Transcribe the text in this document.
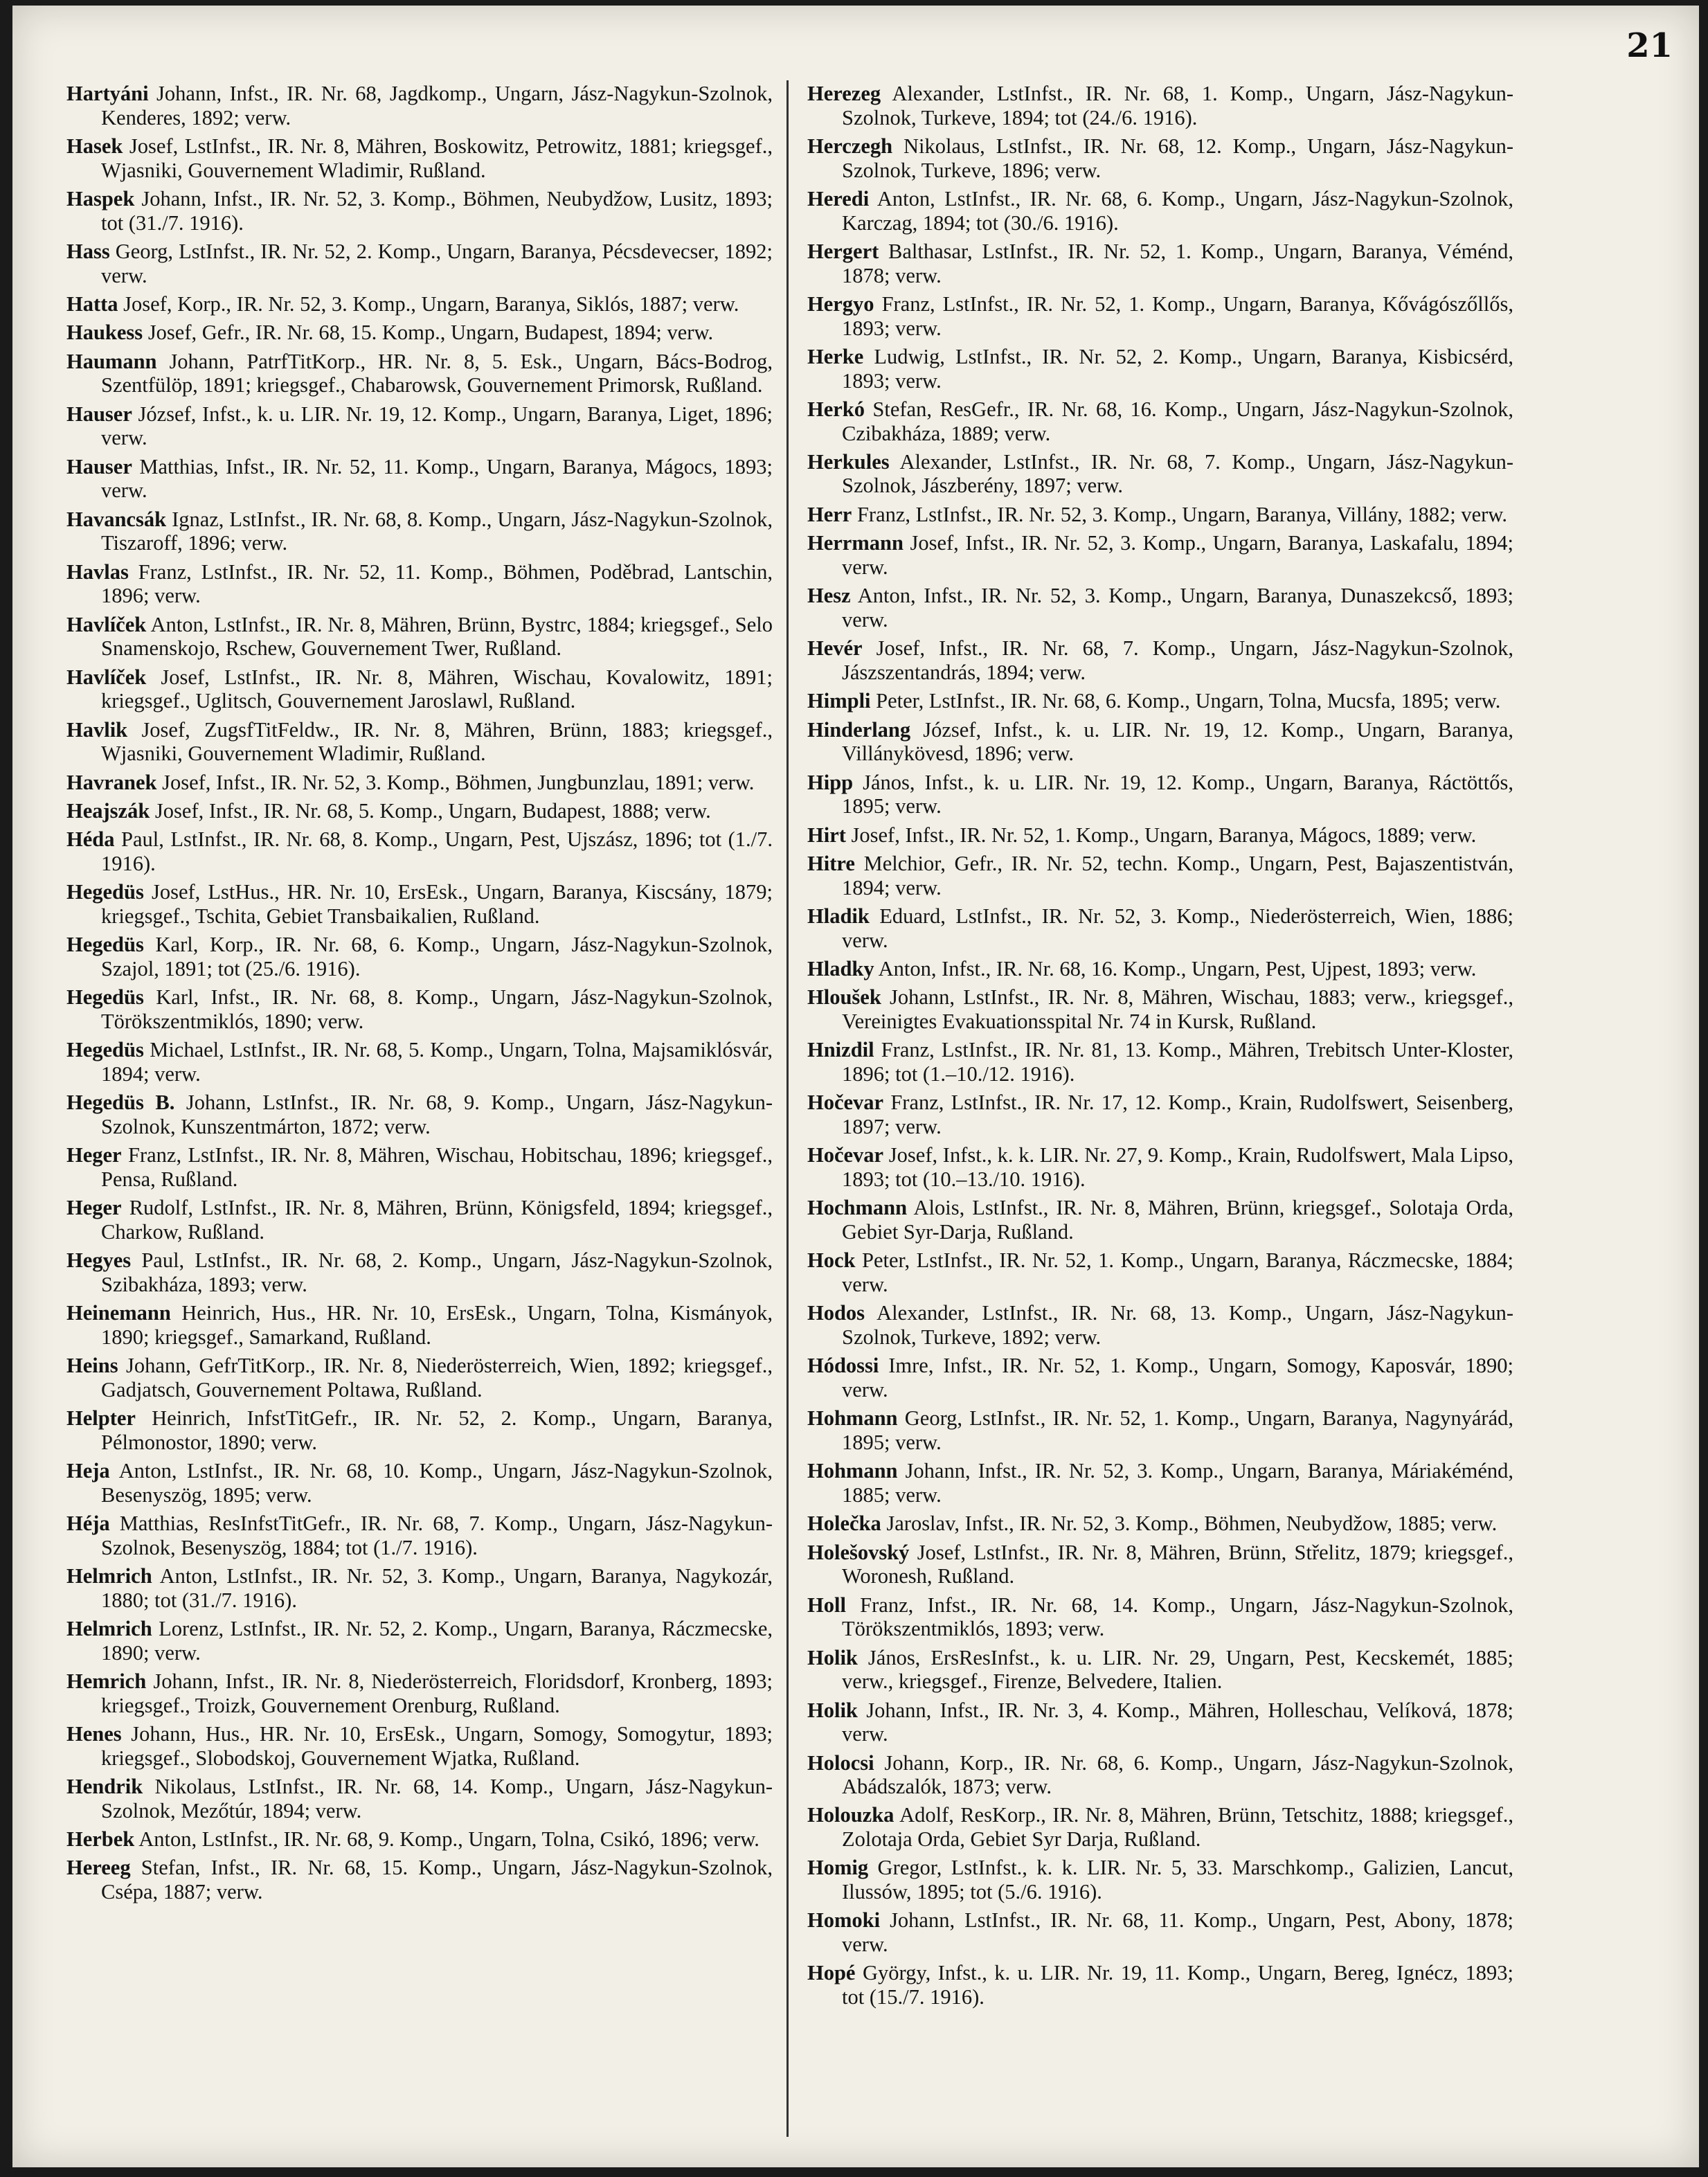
21
Hartyáni Johann, Infst., IR. Nr. 68, Jagdkomp., Ungarn, Jász-Nagykun-Szolnok, Kenderes, 1892; verw.
Hasek Josef, LstInfst., IR. Nr. 8, Mähren, Boskowitz, Petrowitz, 1881; kriegsgef., Wjasniki, Gouvernement Wladimir, Rußland.
Haspek Johann, Infst., IR. Nr. 52, 3. Komp., Böhmen, Neubydžow, Lusitz, 1893; tot (31./7. 1916).
Hass Georg, LstInfst., IR. Nr. 52, 2. Komp., Ungarn, Baranya, Pécsdevecser, 1892; verw.
Hatta Josef, Korp., IR. Nr. 52, 3. Komp., Ungarn, Baranya, Siklós, 1887; verw.
Haukess Josef, Gefr., IR. Nr. 68, 15. Komp., Ungarn, Budapest, 1894; verw.
Haumann Johann, PatrfTitKorp., HR. Nr. 8, 5. Esk., Ungarn, Bács-Bodrog, Szentfülöp, 1891; kriegsgef., Chabarowsk, Gouvernement Primorsk, Rußland.
Hauser József, Infst., k. u. LIR. Nr. 19, 12. Komp., Ungarn, Baranya, Liget, 1896; verw.
Hauser Matthias, Infst., IR. Nr. 52, 11. Komp., Ungarn, Baranya, Mágocs, 1893; verw.
Havancsák Ignaz, LstInfst., IR. Nr. 68, 8. Komp., Ungarn, Jász-Nagykun-Szolnok, Tiszaroff, 1896; verw.
Havlas Franz, LstInfst., IR. Nr. 52, 11. Komp., Böhmen, Poděbrad, Lantschin, 1896; verw.
Havlíček Anton, LstInfst., IR. Nr. 8, Mähren, Brünn, Bystrc, 1884; kriegsgef., Selo Snamenskojo, Rschew, Gouvernement Twer, Rußland.
Havlíček Josef, LstInfst., IR. Nr. 8, Mähren, Wischau, Kovalowitz, 1891; kriegsgef., Uglitsch, Gouvernement Jaroslawl, Rußland.
Havlik Josef, ZugsfTitFeldw., IR. Nr. 8, Mähren, Brünn, 1883; kriegsgef., Wjasniki, Gouvernement Wladimir, Rußland.
Havranek Josef, Infst., IR. Nr. 52, 3. Komp., Böhmen, Jungbunzlau, 1891; verw.
Heajszák Josef, Infst., IR. Nr. 68, 5. Komp., Ungarn, Budapest, 1888; verw.
Héda Paul, LstInfst., IR. Nr. 68, 8. Komp., Ungarn, Pest, Ujszász, 1896; tot (1./7. 1916).
Hegedüs Josef, LstHus., HR. Nr. 10, ErsEsk., Ungarn, Baranya, Kiscsány, 1879; kriegsgef., Tschita, Gebiet Transbaikalien, Rußland.
Hegedüs Karl, Korp., IR. Nr. 68, 6. Komp., Ungarn, Jász-Nagykun-Szolnok, Szajol, 1891; tot (25./6. 1916).
Hegedüs Karl, Infst., IR. Nr. 68, 8. Komp., Ungarn, Jász-Nagykun-Szolnok, Törökszentmiklós, 1890; verw.
Hegedüs Michael, LstInfst., IR. Nr. 68, 5. Komp., Ungarn, Tolna, Majsamiklósvár, 1894; verw.
Hegedüs B. Johann, LstInfst., IR. Nr. 68, 9. Komp., Ungarn, Jász-Nagykun-Szolnok, Kunszentmárton, 1872; verw.
Heger Franz, LstInfst., IR. Nr. 8, Mähren, Wischau, Hobitschau, 1896; kriegsgef., Pensa, Rußland.
Heger Rudolf, LstInfst., IR. Nr. 8, Mähren, Brünn, Königsfeld, 1894; kriegsgef., Charkow, Rußland.
Hegyes Paul, LstInfst., IR. Nr. 68, 2. Komp., Ungarn, Jász-Nagykun-Szolnok, Szibakháza, 1893; verw.
Heinemann Heinrich, Hus., HR. Nr. 10, ErsEsk., Ungarn, Tolna, Kismányok, 1890; kriegsgef., Samarkand, Rußland.
Heins Johann, GefrTitKorp., IR. Nr. 8, Niederösterreich, Wien, 1892; kriegsgef., Gadjatsch, Gouvernement Poltawa, Rußland.
Helpter Heinrich, InfstTitGefr., IR. Nr. 52, 2. Komp., Ungarn, Baranya, Pélmonostor, 1890; verw.
Heja Anton, LstInfst., IR. Nr. 68, 10. Komp., Ungarn, Jász-Nagykun-Szolnok, Besenyszög, 1895; verw.
Héja Matthias, ResInfstTitGefr., IR. Nr. 68, 7. Komp., Ungarn, Jász-Nagykun-Szolnok, Besenyszög, 1884; tot (1./7. 1916).
Helmrich Anton, LstInfst., IR. Nr. 52, 3. Komp., Ungarn, Baranya, Nagykozár, 1880; tot (31./7. 1916).
Helmrich Lorenz, LstInfst., IR. Nr. 52, 2. Komp., Ungarn, Baranya, Ráczmecske, 1890; verw.
Hemrich Johann, Infst., IR. Nr. 8, Niederösterreich, Floridsdorf, Kronberg, 1893; kriegsgef., Troizk, Gouvernement Orenburg, Rußland.
Henes Johann, Hus., HR. Nr. 10, ErsEsk., Ungarn, Somogy, Somogytur, 1893; kriegsgef., Slobodskoj, Gouvernement Wjatka, Rußland.
Hendrik Nikolaus, LstInfst., IR. Nr. 68, 14. Komp., Ungarn, Jász-Nagykun-Szolnok, Mezőtúr, 1894; verw.
Herbek Anton, LstInfst., IR. Nr. 68, 9. Komp., Ungarn, Tolna, Csikó, 1896; verw.
Hereeg Stefan, Infst., IR. Nr. 68, 15. Komp., Ungarn, Jász-Nagykun-Szolnok, Csépa, 1887; verw.
Herezeg Alexander, LstInfst., IR. Nr. 68, 1. Komp., Ungarn, Jász-Nagykun-Szolnok, Turkeve, 1894; tot (24./6. 1916).
Herczegh Nikolaus, LstInfst., IR. Nr. 68, 12. Komp., Ungarn, Jász-Nagykun-Szolnok, Turkeve, 1896; verw.
Heredi Anton, LstInfst., IR. Nr. 68, 6. Komp., Ungarn, Jász-Nagykun-Szolnok, Karczag, 1894; tot (30./6. 1916).
Hergert Balthasar, LstInfst., IR. Nr. 52, 1. Komp., Ungarn, Baranya, Véménd, 1878; verw.
Hergyo Franz, LstInfst., IR. Nr. 52, 1. Komp., Ungarn, Baranya, Kővágószőllős, 1893; verw.
Herke Ludwig, LstInfst., IR. Nr. 52, 2. Komp., Ungarn, Baranya, Kisbicsérd, 1893; verw.
Herkó Stefan, ResGefr., IR. Nr. 68, 16. Komp., Ungarn, Jász-Nagykun-Szolnok, Czibakháza, 1889; verw.
Herkules Alexander, LstInfst., IR. Nr. 68, 7. Komp., Ungarn, Jász-Nagykun-Szolnok, Jászberény, 1897; verw.
Herr Franz, LstInfst., IR. Nr. 52, 3. Komp., Ungarn, Baranya, Villány, 1882; verw.
Herrmann Josef, Infst., IR. Nr. 52, 3. Komp., Ungarn, Baranya, Laskafalu, 1894; verw.
Hesz Anton, Infst., IR. Nr. 52, 3. Komp., Ungarn, Baranya, Dunaszekcső, 1893; verw.
Hevér Josef, Infst., IR. Nr. 68, 7. Komp., Ungarn, Jász-Nagykun-Szolnok, Jászszentandrás, 1894; verw.
Himpli Peter, LstInfst., IR. Nr. 68, 6. Komp., Ungarn, Tolna, Mucsfa, 1895; verw.
Hinderlang József, Infst., k. u. LIR. Nr. 19, 12. Komp., Ungarn, Baranya, Villánykövesd, 1896; verw.
Hipp János, Infst., k. u. LIR. Nr. 19, 12. Komp., Ungarn, Baranya, Ráctöttős, 1895; verw.
Hirt Josef, Infst., IR. Nr. 52, 1. Komp., Ungarn, Baranya, Mágocs, 1889; verw.
Hitre Melchior, Gefr., IR. Nr. 52, techn. Komp., Ungarn, Pest, Bajaszentistván, 1894; verw.
Hladik Eduard, LstInfst., IR. Nr. 52, 3. Komp., Niederösterreich, Wien, 1886; verw.
Hladky Anton, Infst., IR. Nr. 68, 16. Komp., Ungarn, Pest, Ujpest, 1893; verw.
Hloušek Johann, LstInfst., IR. Nr. 8, Mähren, Wischau, 1883; verw., kriegsgef., Vereinigtes Evakuationsspital Nr. 74 in Kursk, Rußland.
Hnizdil Franz, LstInfst., IR. Nr. 81, 13. Komp., Mähren, Trebitsch Unter-Kloster, 1896; tot (1.–10./12. 1916).
Hočevar Franz, LstInfst., IR. Nr. 17, 12. Komp., Krain, Rudolfswert, Seisenberg, 1897; verw.
Hočevar Josef, Infst., k. k. LIR. Nr. 27, 9. Komp., Krain, Rudolfswert, Mala Lipso, 1893; tot (10.–13./10. 1916).
Hochmann Alois, LstInfst., IR. Nr. 8, Mähren, Brünn, kriegsgef., Solotaja Orda, Gebiet Syr-Darja, Rußland.
Hock Peter, LstInfst., IR. Nr. 52, 1. Komp., Ungarn, Baranya, Ráczmecske, 1884; verw.
Hodos Alexander, LstInfst., IR. Nr. 68, 13. Komp., Ungarn, Jász-Nagykun-Szolnok, Turkeve, 1892; verw.
Hódossi Imre, Infst., IR. Nr. 52, 1. Komp., Ungarn, Somogy, Kaposvár, 1890; verw.
Hohmann Georg, LstInfst., IR. Nr. 52, 1. Komp., Ungarn, Baranya, Nagynyárád, 1895; verw.
Hohmann Johann, Infst., IR. Nr. 52, 3. Komp., Ungarn, Baranya, Máriakéménd, 1885; verw.
Holečka Jaroslav, Infst., IR. Nr. 52, 3. Komp., Böhmen, Neubydžow, 1885; verw.
Holešovský Josef, LstInfst., IR. Nr. 8, Mähren, Brünn, Střelitz, 1879; kriegsgef., Woronesh, Rußland.
Holl Franz, Infst., IR. Nr. 68, 14. Komp., Ungarn, Jász-Nagykun-Szolnok, Törökszentmiklós, 1893; verw.
Holik János, ErsResInfst., k. u. LIR. Nr. 29, Ungarn, Pest, Kecskemét, 1885; verw., kriegsgef., Firenze, Belvedere, Italien.
Holik Johann, Infst., IR. Nr. 3, 4. Komp., Mähren, Holleschau, Velíková, 1878; verw.
Holocsi Johann, Korp., IR. Nr. 68, 6. Komp., Ungarn, Jász-Nagykun-Szolnok, Abádszalók, 1873; verw.
Holouzka Adolf, ResKorp., IR. Nr. 8, Mähren, Brünn, Tetschitz, 1888; kriegsgef., Zolotaja Orda, Gebiet Syr Darja, Rußland.
Homig Gregor, LstInfst., k. k. LIR. Nr. 5, 33. Marschkomp., Galizien, Lancut, Ilussów, 1895; tot (5./6. 1916).
Homoki Johann, LstInfst., IR. Nr. 68, 11. Komp., Ungarn, Pest, Abony, 1878; verw.
Hopé György, Infst., k. u. LIR. Nr. 19, 11. Komp., Ungarn, Bereg, Ignécz, 1893; tot (15./7. 1916).
